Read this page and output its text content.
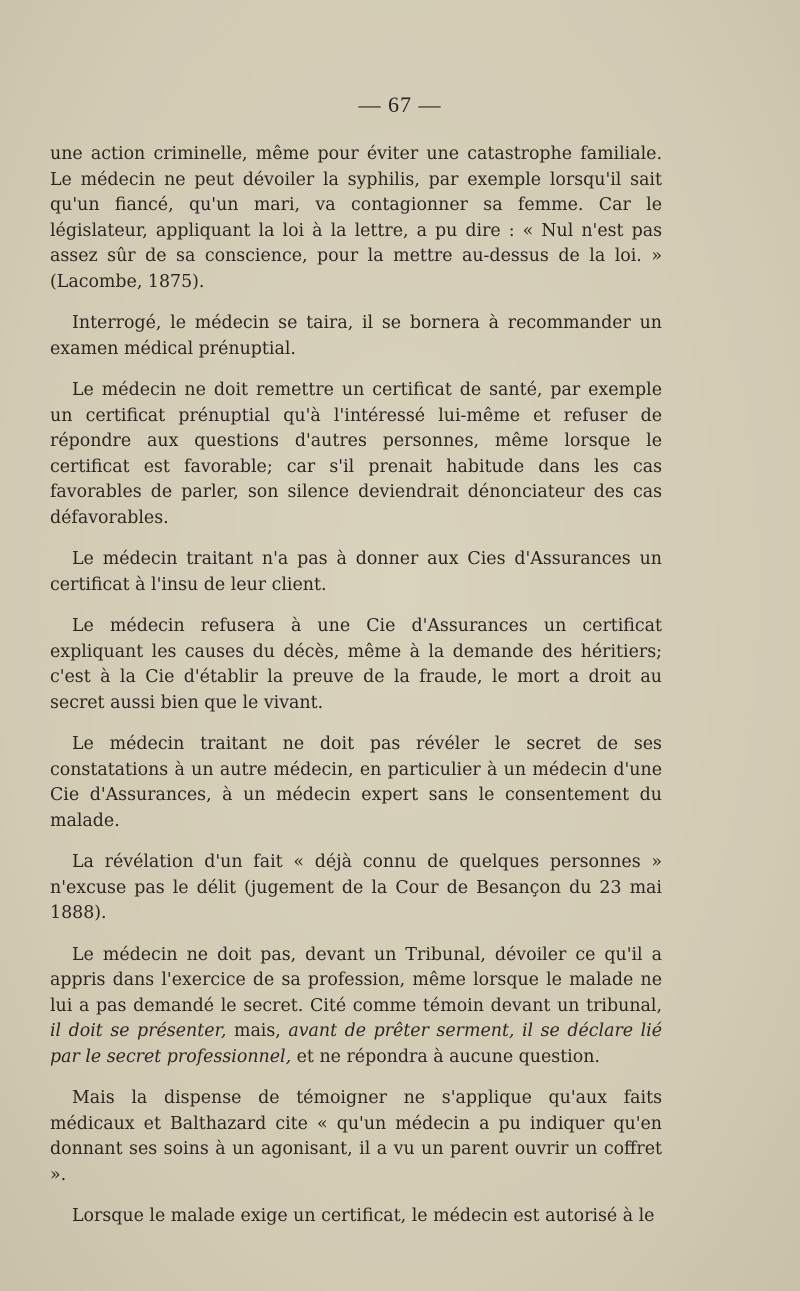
— 67 —

une action criminelle, même pour éviter une catastrophe familiale. Le médecin ne peut dévoiler la syphilis, par exemple lorsqu'il sait qu'un fiancé, qu'un mari, va contagionner sa femme. Car le législateur, appliquant la loi à la lettre, a pu dire : « Nul n'est pas assez sûr de sa conscience, pour la mettre au-dessus de la loi. » (Lacombe, 1875).

Interrogé, le médecin se taira, il se bornera à recommander un examen médical prénuptial.

Le médecin ne doit remettre un certificat de santé, par exemple un certificat prénuptial qu'à l'intéressé lui-même et refuser de répondre aux questions d'autres personnes, même lorsque le certificat est favorable; car s'il prenait habitude dans les cas favorables de parler, son silence deviendrait dénonciateur des cas défavorables.

Le médecin traitant n'a pas à donner aux Cies d'Assurances un certificat à l'insu de leur client.

Le médecin refusera à une Cie d'Assurances un certificat expliquant les causes du décès, même à la demande des héritiers; c'est à la Cie d'établir la preuve de la fraude, le mort a droit au secret aussi bien que le vivant.

Le médecin traitant ne doit pas révéler le secret de ses constatations à un autre médecin, en particulier à un médecin d'une Cie d'Assurances, à un médecin expert sans le consentement du malade.

La révélation d'un fait « déjà connu de quelques personnes » n'excuse pas le délit (jugement de la Cour de Besançon du 23 mai 1888).

Le médecin ne doit pas, devant un Tribunal, dévoiler ce qu'il a appris dans l'exercice de sa profession, même lorsque le malade ne lui a pas demandé le secret. Cité comme témoin devant un tribunal, il doit se présenter, mais, avant de prêter serment, il se déclare lié par le secret professionnel, et ne répondra à aucune question.

Mais la dispense de témoigner ne s'applique qu'aux faits médicaux et Balthazard cite « qu'un médecin a pu indiquer qu'en donnant ses soins à un agonisant, il a vu un parent ouvrir un coffret ».

Lorsque le malade exige un certificat, le médecin est autorisé à le
